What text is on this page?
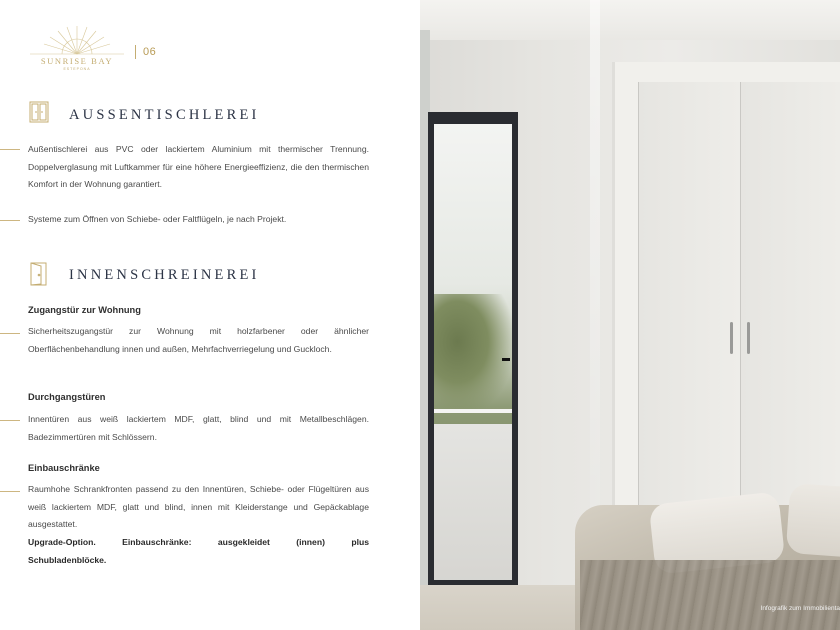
SUNRISE BAY
ESTEPONA
06
AUSSENTISCHLEREI
Außentischlerei aus PVC oder lackiertem Aluminium mit thermischer Trennung. Doppelverglasung mit Luftkammer für eine höhere Energieeffizienz, die den thermischen Komfort in der Wohnung garantiert.
Systeme zum Öffnen von Schiebe- oder Faltflügeln, je nach Projekt.
INNENSCHREINEREI
Zugangstür zur Wohnung
Sicherheitszugangstür zur Wohnung mit holzfarbener oder ähnlicher Oberflächenbehandlung innen und außen, Mehrfachverriegelung und Guckloch.
Durchgangstüren
Innentüren aus weiß lackiertem MDF, glatt, blind und mit Metallbeschlägen. Badezimmertüren mit Schlössern.
Einbauschränke
Raumhohe Schrankfronten passend zu den Innentüren, Schiebe- oder Flügeltüren aus weiß lackiertem MDF, glatt und blind, innen mit Kleiderstange und Gepäckablage ausgestattet.
Upgrade-Option. Einbauschränke: ausgekleidet (innen) plus
Schubladenblöcke.
Infografik zum Immobilienta
